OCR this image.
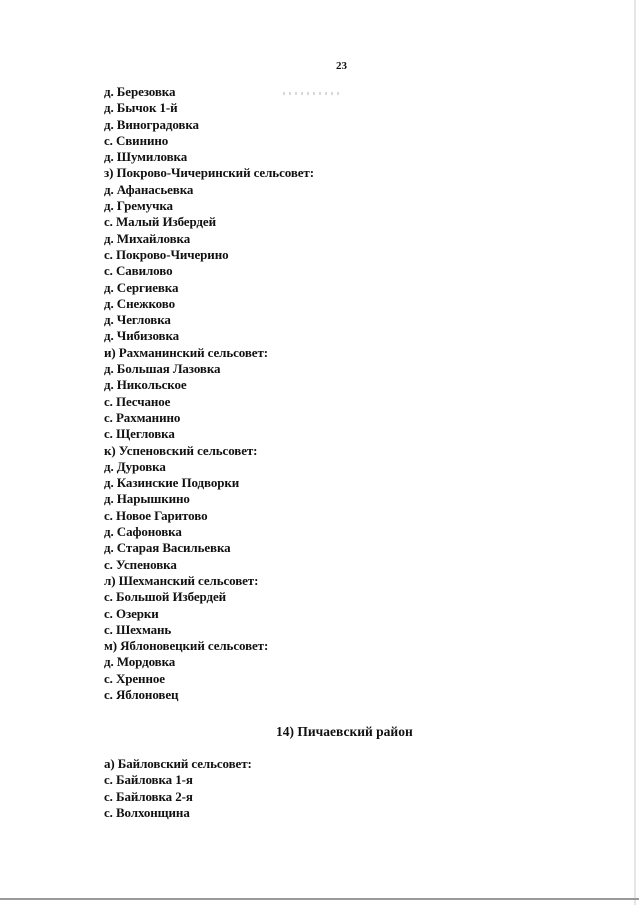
23
д. Березовка
д. Бычок 1-й
д. Виноградовка
с. Свинино
д. Шумиловка
з) Покрово-Чичеринский сельсовет:
д. Афанасьевка
д. Гремучка
с. Малый Избердей
д. Михайловка
с. Покрово-Чичерино
с. Савилово
д. Сергиевка
д. Снежково
д. Чегловка
д. Чибизовка
и) Рахманинский сельсовет:
д. Большая Лазовка
д. Никольское
с. Песчаное
с. Рахманино
с. Щегловка
к) Успеновский сельсовет:
д. Дуровка
д. Казинские Подворки
д. Нарышкино
с. Новое Гаритово
д. Сафоновка
д. Старая Васильевка
с. Успеновка
л) Шехманский сельсовет:
с. Большой Избердей
с. Озерки
с. Шехмань
м) Яблоновецкий сельсовет:
д. Мордовка
с. Хренное
с. Яблоновец
14) Пичаевский район
а) Байловский сельсовет:
с. Байловка 1-я
с. Байловка 2-я
с. Волхонщина
